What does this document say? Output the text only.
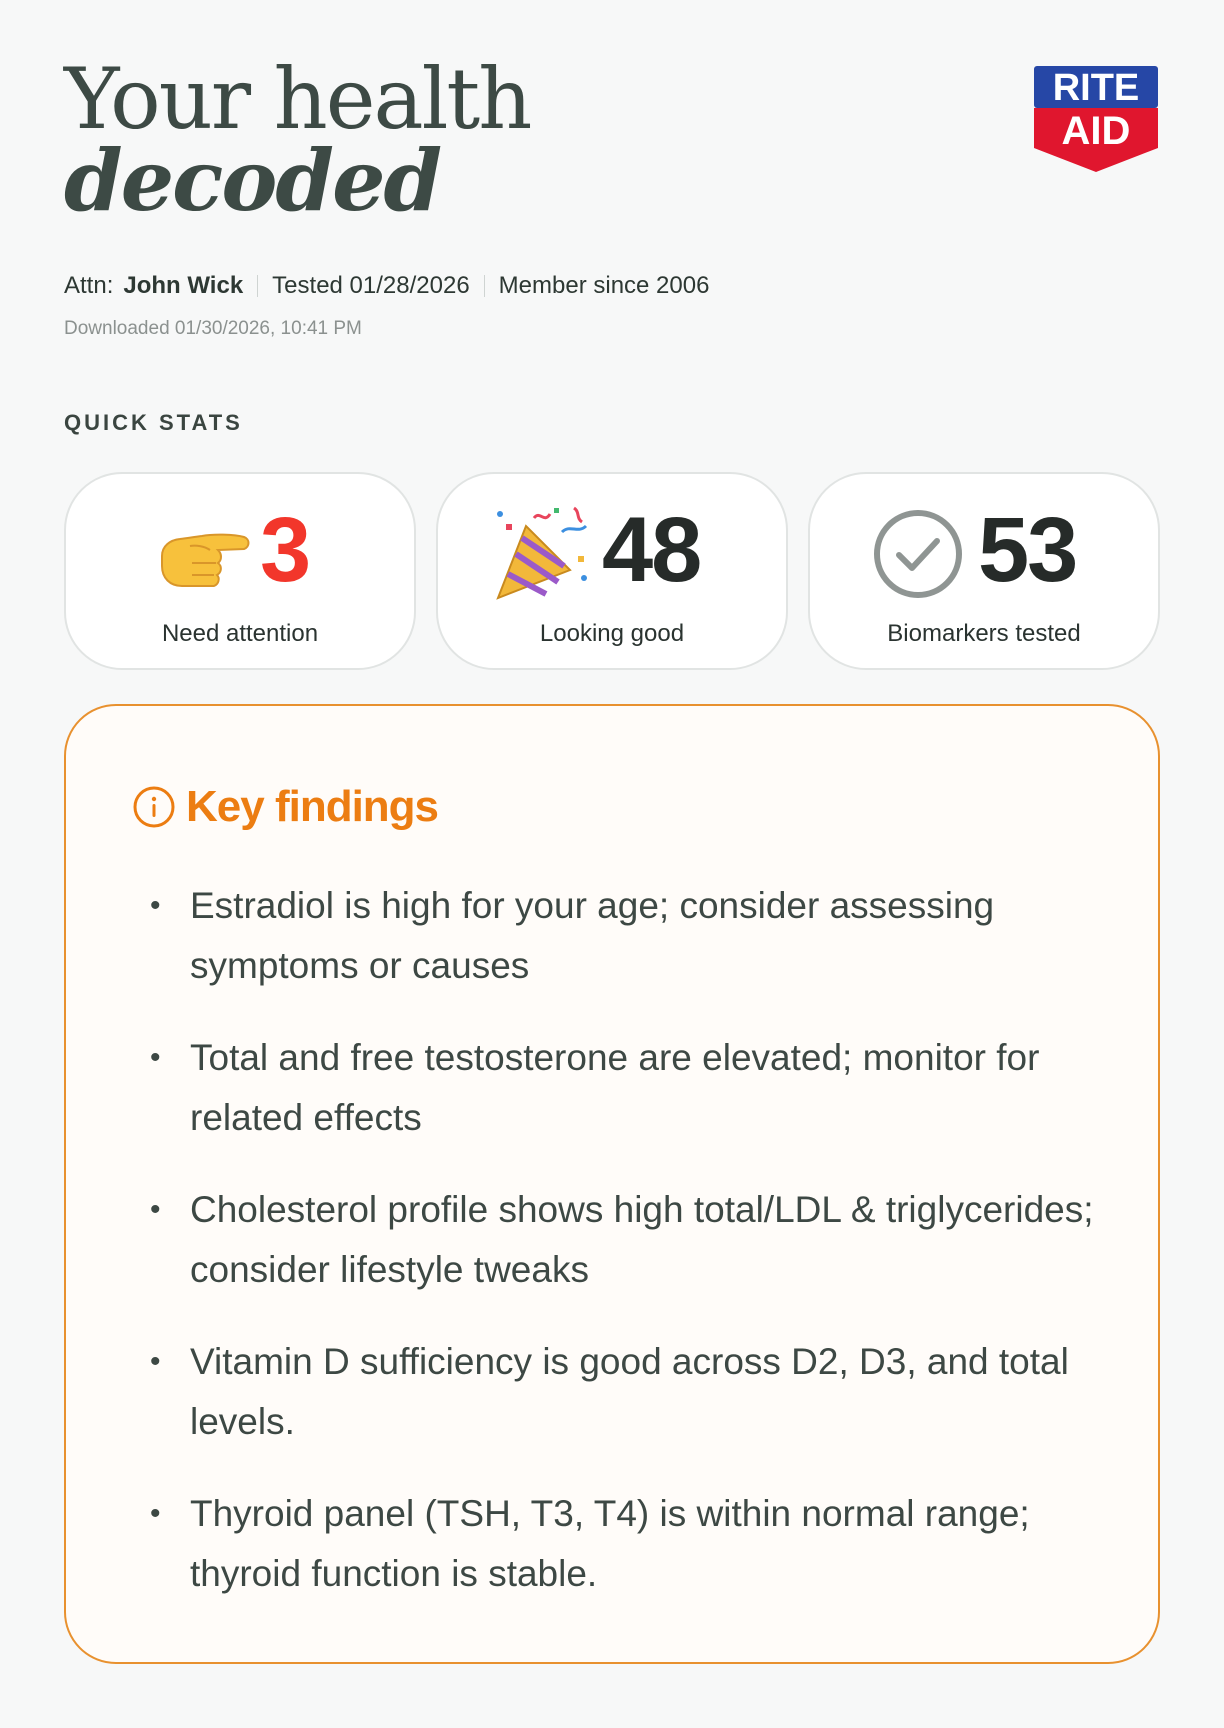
Your health
decoded
RITE
AID
Attn: John Wick Tested 01/28/2026 Member since 2006
Downloaded 01/30/2026, 10:41 PM
QUICK STATS
3
Need attention
48
Looking good
53
Biomarkers tested
Key findings
• Estradiol is high for your age; consider assessing symptoms or causes
• Total and free testosterone are elevated; monitor for related effects
• Cholesterol profile shows high total/LDL & triglycerides; consider lifestyle tweaks
• Vitamin D sufficiency is good across D2, D3, and total levels.
• Thyroid panel (TSH, T3, T4) is within normal range; thyroid function is stable.
